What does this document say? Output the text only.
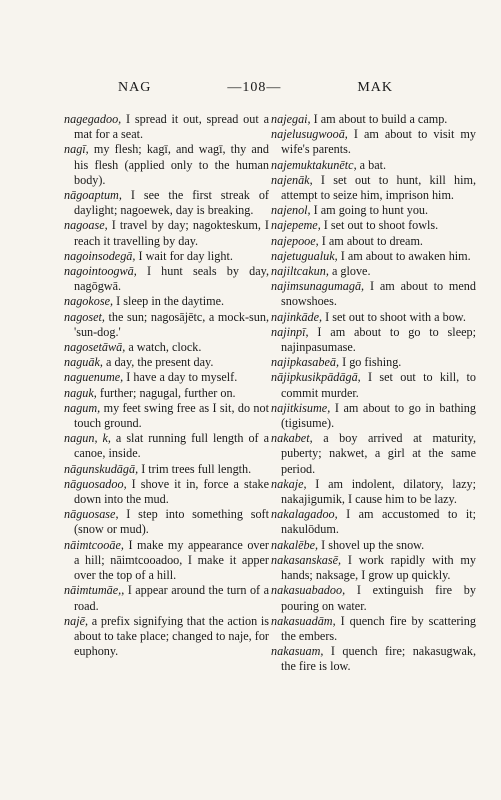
NAG	—108—	MAK

nagegadoo, I spread it out, spread out a mat for a seat.

nagī, my flesh; kagī, and wagī, thy and his flesh (applied only to the human body).

nāgoaptum, I see the first streak of daylight; nagoewek, day is breaking.

nagoase, I travel by day; nagokteskum, I reach it travelling by day.

nagoinsodegā, I wait for day light.

nagointoogwā, I hunt seals by day, nagōgwā.

nagokose, I sleep in the daytime.

nagoset, the sun; nagosājētc, a mock-sun, 'sun-dog.'

nagosetāwā, a watch, clock.

naguāk, a day, the present day.

naguenume, I have a day to myself.

naguk, further; nagugal, further on.

nagum, my feet swing free as I sit, do not touch ground.

nagun, k, a slat running full length of a canoe, inside.

nāgunskudāgā, I trim trees full length.

nāguosadoo, I shove it in, force a stake down into the mud.

nāguosase, I step into something soft (snow or mud).

nāimtcooāe, I make my appearance over a hill; nāimtcooadoo, I make it apper over the top of a hill.

nāimtumāe,, I appear around the turn of a road.

najē, a prefix signifying that the action is about to take place; changed to naje, for euphony.

najegai, I am about to build a camp.

najelusugwooā, I am about to visit my wife's parents.

najemuktakunētc, a bat.

najenāk, I set out to hunt, kill him, attempt to seize him, imprison him.

najenol, I am going to hunt you.

najepeme, I set out to shoot fowls.

najepooe, I am about to dream.

najetugualuk, I am about to awaken him.

najiltcakun, a glove.

najimsunagumagā, I am about to mend snowshoes.

najinkāde, I set out to shoot with a bow.

najinpī, I am about to go to sleep; najinpasumase.

najipkasabeā, I go fishing.

nājipkusikpādāgā, I set out to kill, to commit murder.

najitkisume, I am about to go in bathing (tigisume).

nakabet, a boy arrived at maturity, puberty; nakwet, a girl at the same period.

nakaje, I am indolent, dilatory, lazy; nakajigumik, I cause him to be lazy.

nakalagadoo, I am accustomed to it; nakulōdum.

nakalēbe, I shovel up the snow.

nakasanskasē, I work rapidly with my hands; naksage, I grow up quickly.

nakasuabadoo, I extinguish fire by pouring on water.

nakasuadām, I quench fire by scattering the embers.

nakasuam, I quench fire; nakasugwak, the fire is low.
